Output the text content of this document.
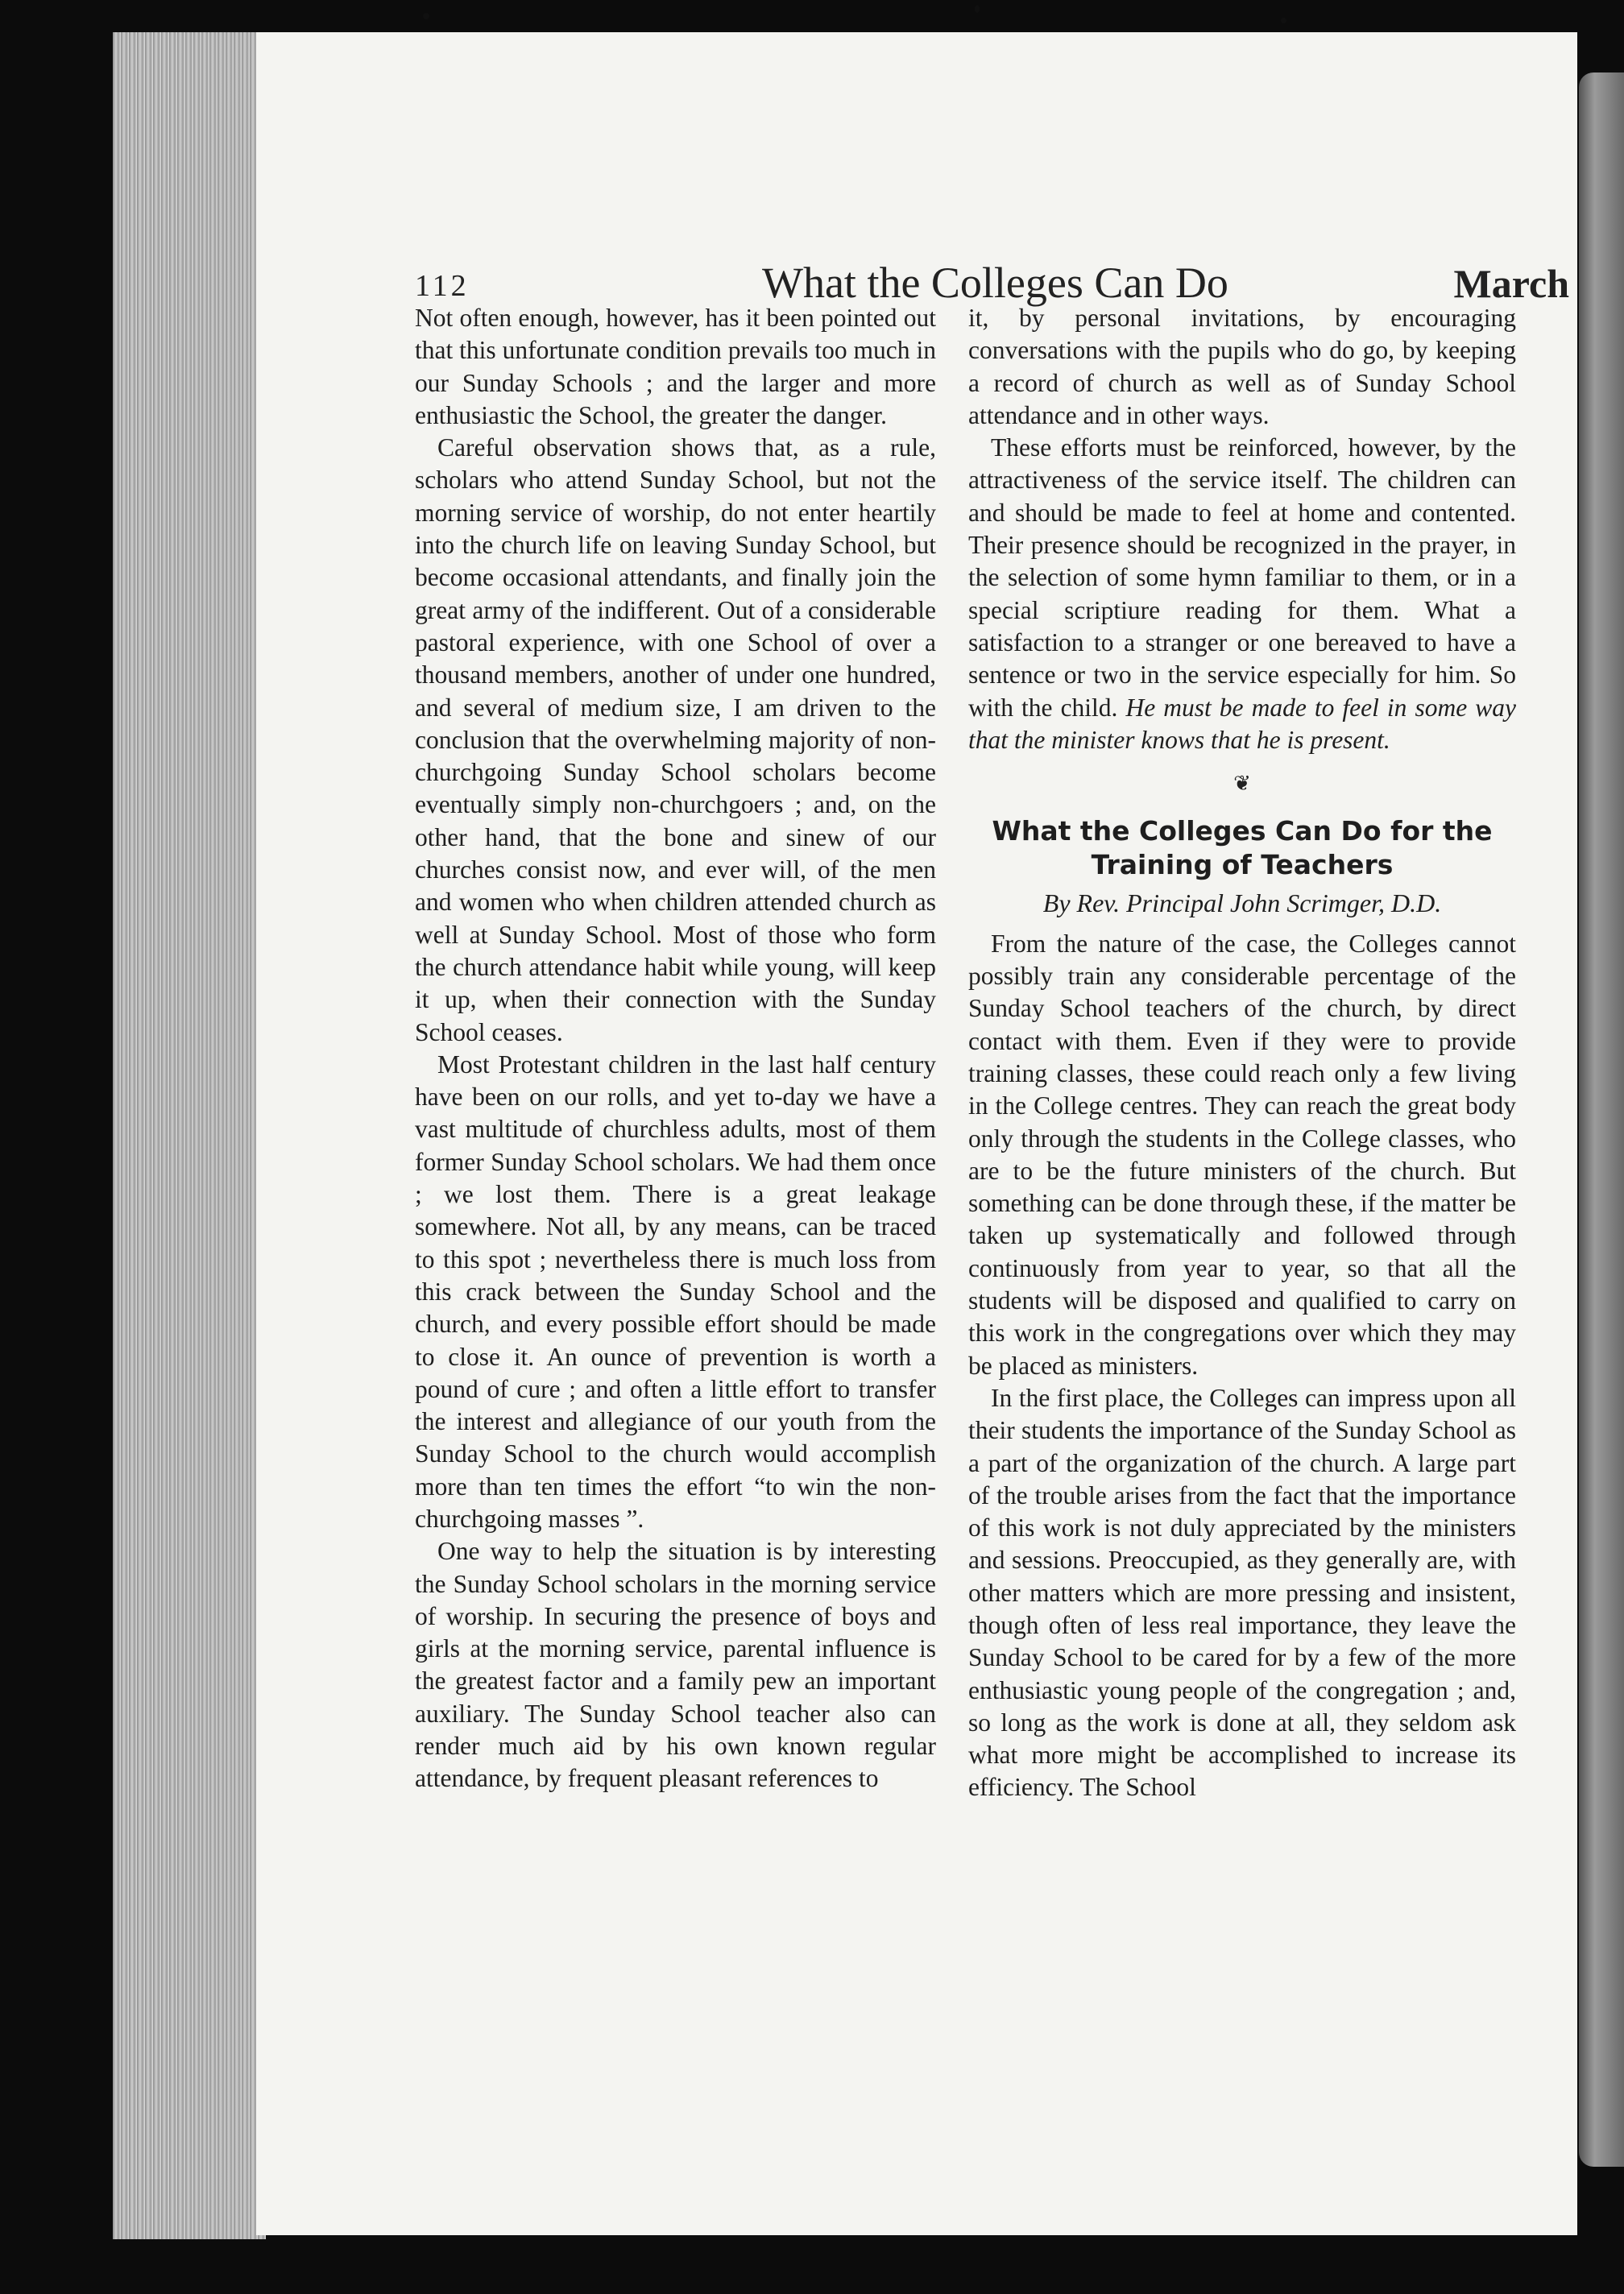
112	What the Colleges Can Do	March

Not often enough, however, has it been pointed out that this unfortunate condition prevails too much in our Sunday Schools ; and the larger and more enthusiastic the School, the greater the danger.

Careful observation shows that, as a rule, scholars who attend Sunday School, but not the morning service of worship, do not enter heartily into the church life on leaving Sunday School, but become occasional attendants, and finally join the great army of the indifferent. Out of a considerable pastoral experience, with one School of over a thousand members, another of under one hundred, and several of medium size, I am driven to the conclusion that the overwhelming majority of non-churchgoing Sunday School scholars become eventually simply non-churchgoers ; and, on the other hand, that the bone and sinew of our churches consist now, and ever will, of the men and women who when children attended church as well at Sunday School. Most of those who form the church attendance habit while young, will keep it up, when their connection with the Sunday School ceases.

Most Protestant children in the last half century have been on our rolls, and yet to-day we have a vast multitude of churchless adults, most of them former Sunday School scholars. We had them once ; we lost them. There is a great leakage somewhere. Not all, by any means, can be traced to this spot ; nevertheless there is much loss from this crack between the Sunday School and the church, and every possible effort should be made to close it. An ounce of prevention is worth a pound of cure ; and often a little effort to transfer the interest and allegiance of our youth from the Sunday School to the church would accomplish more than ten times the effort “to win the non-churchgoing masses ”.

One way to help the situation is by interesting the Sunday School scholars in the morning service of worship. In securing the presence of boys and girls at the morning service, parental influence is the greatest factor and a family pew an important auxiliary. The Sunday School teacher also can render much aid by his own known regular attendance, by frequent pleasant references to

it, by personal invitations, by encouraging conversations with the pupils who do go, by keeping a record of church as well as of Sunday School attendance and in other ways.

These efforts must be reinforced, however, by the attractiveness of the service itself. The children can and should be made to feel at home and contented. Their presence should be recognized in the prayer, in the selection of some hymn familiar to them, or in a special scriptiure reading for them. What a satisfaction to a stranger or one bereaved to have a sentence or two in the service especially for him. So with the child. He must be made to feel in some way that the minister knows that he is present.

❦
What the Colleges Can Do for the Training of Teachers
By Rev. Principal John Scrimger, D.D.

From the nature of the case, the Colleges cannot possibly train any considerable percentage of the Sunday School teachers of the church, by direct contact with them. Even if they were to provide training classes, these could reach only a few living in the College centres. They can reach the great body only through the students in the College classes, who are to be the future ministers of the church. But something can be done through these, if the matter be taken up systematically and followed through continuously from year to year, so that all the students will be disposed and qualified to carry on this work in the congregations over which they may be placed as ministers.

In the first place, the Colleges can impress upon all their students the importance of the Sunday School as a part of the organization of the church. A large part of the trouble arises from the fact that the importance of this work is not duly appreciated by the ministers and sessions. Preoccupied, as they generally are, with other matters which are more pressing and insistent, though often of less real importance, they leave the Sunday School to be cared for by a few of the more enthusiastic young people of the congregation ; and, so long as the work is done at all, they seldom ask what more might be accomplished to increase its efficiency. The School
